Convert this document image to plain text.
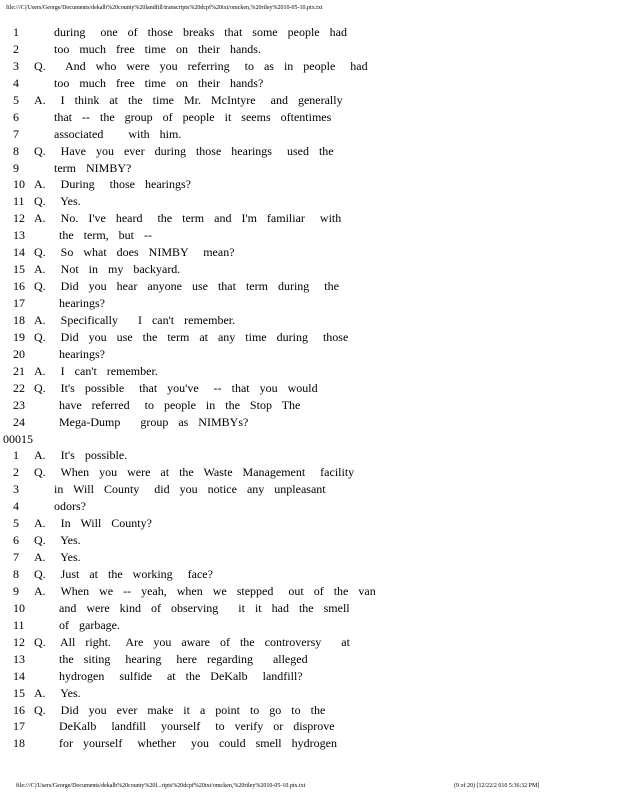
file:///C|/Users/George/Documents/dekalb%20county%20landfill/transcripts%20dcpf%20txt/omcken,%20riley%2010-05-10.ptx.txt
1	during   one  of  those  breaks  that  some  people  had
2	too  much  free  time  on  their  hands.
3	Q.    And  who  were  you  referring   to  as  in  people   had
4	too  much  free  time  on  their  hands?
5	A.   I  think  at  the  time  Mr.  McIntyre   and  generally
6	that  --  the  group  of  people  it  seems  oftentimes
7	associated     with  him.
8	Q.   Have  you  ever  during  those  hearings   used  the
9	term  NIMBY?
10 A.   During   those  hearings?
11 Q.   Yes.
12 A.   No.  I've  heard   the  term  and  I'm  familiar   with
13 the  term,  but  --
14 Q.   So  what  does  NIMBY   mean?
15 A.   Not  in  my  backyard.
16 Q.   Did  you  hear  anyone  use  that  term  during   the
17 hearings?
18 A.   Specifically    I  can't  remember.
19 Q.   Did  you  use  the  term  at  any  time  during   those
20 hearings?
21 A.   I  can't  remember.
22 Q.   It's  possible   that  you've   --  that  you  would
23 have  referred   to  people  in  the  Stop  The
24 Mega-Dump    group  as  NIMBYs?
00015
1	A.   It's  possible.
2	Q.   When  you  were  at  the  Waste  Management   facility
3	in  Will  County   did  you  notice  any  unpleasant
4	odors?
5	A.   In  Will  County?
6	Q.   Yes.
7	A.   Yes.
8	Q.   Just  at  the  working   face?
9	A.   When  we  --  yeah,  when  we  stepped   out  of  the  van
10 and  were  kind  of  observing    it  it  had  the  smell
11 of  garbage.
12 Q.   All  right.   Are  you  aware  of  the  controversy    at
13 the  siting   hearing   here  regarding    alleged
14 hydrogen   sulfide   at  the  DeKalb   landfill?
15 A.   Yes.
16 Q.   Did  you  ever  make  it  a  point  to  go  to  the
17 DeKalb   landfill   yourself   to  verify  or  disprove
18 for  yourself   whether   you  could  smell  hydrogen
file:///C|/Users/George/Documents/dekalb%20county%20l...ripts%20dcpf%20txt/omcken,%20riley%2010-05-10.ptx.txt	(9 of 20) [12/22/2 010 5:36:32 PM]
